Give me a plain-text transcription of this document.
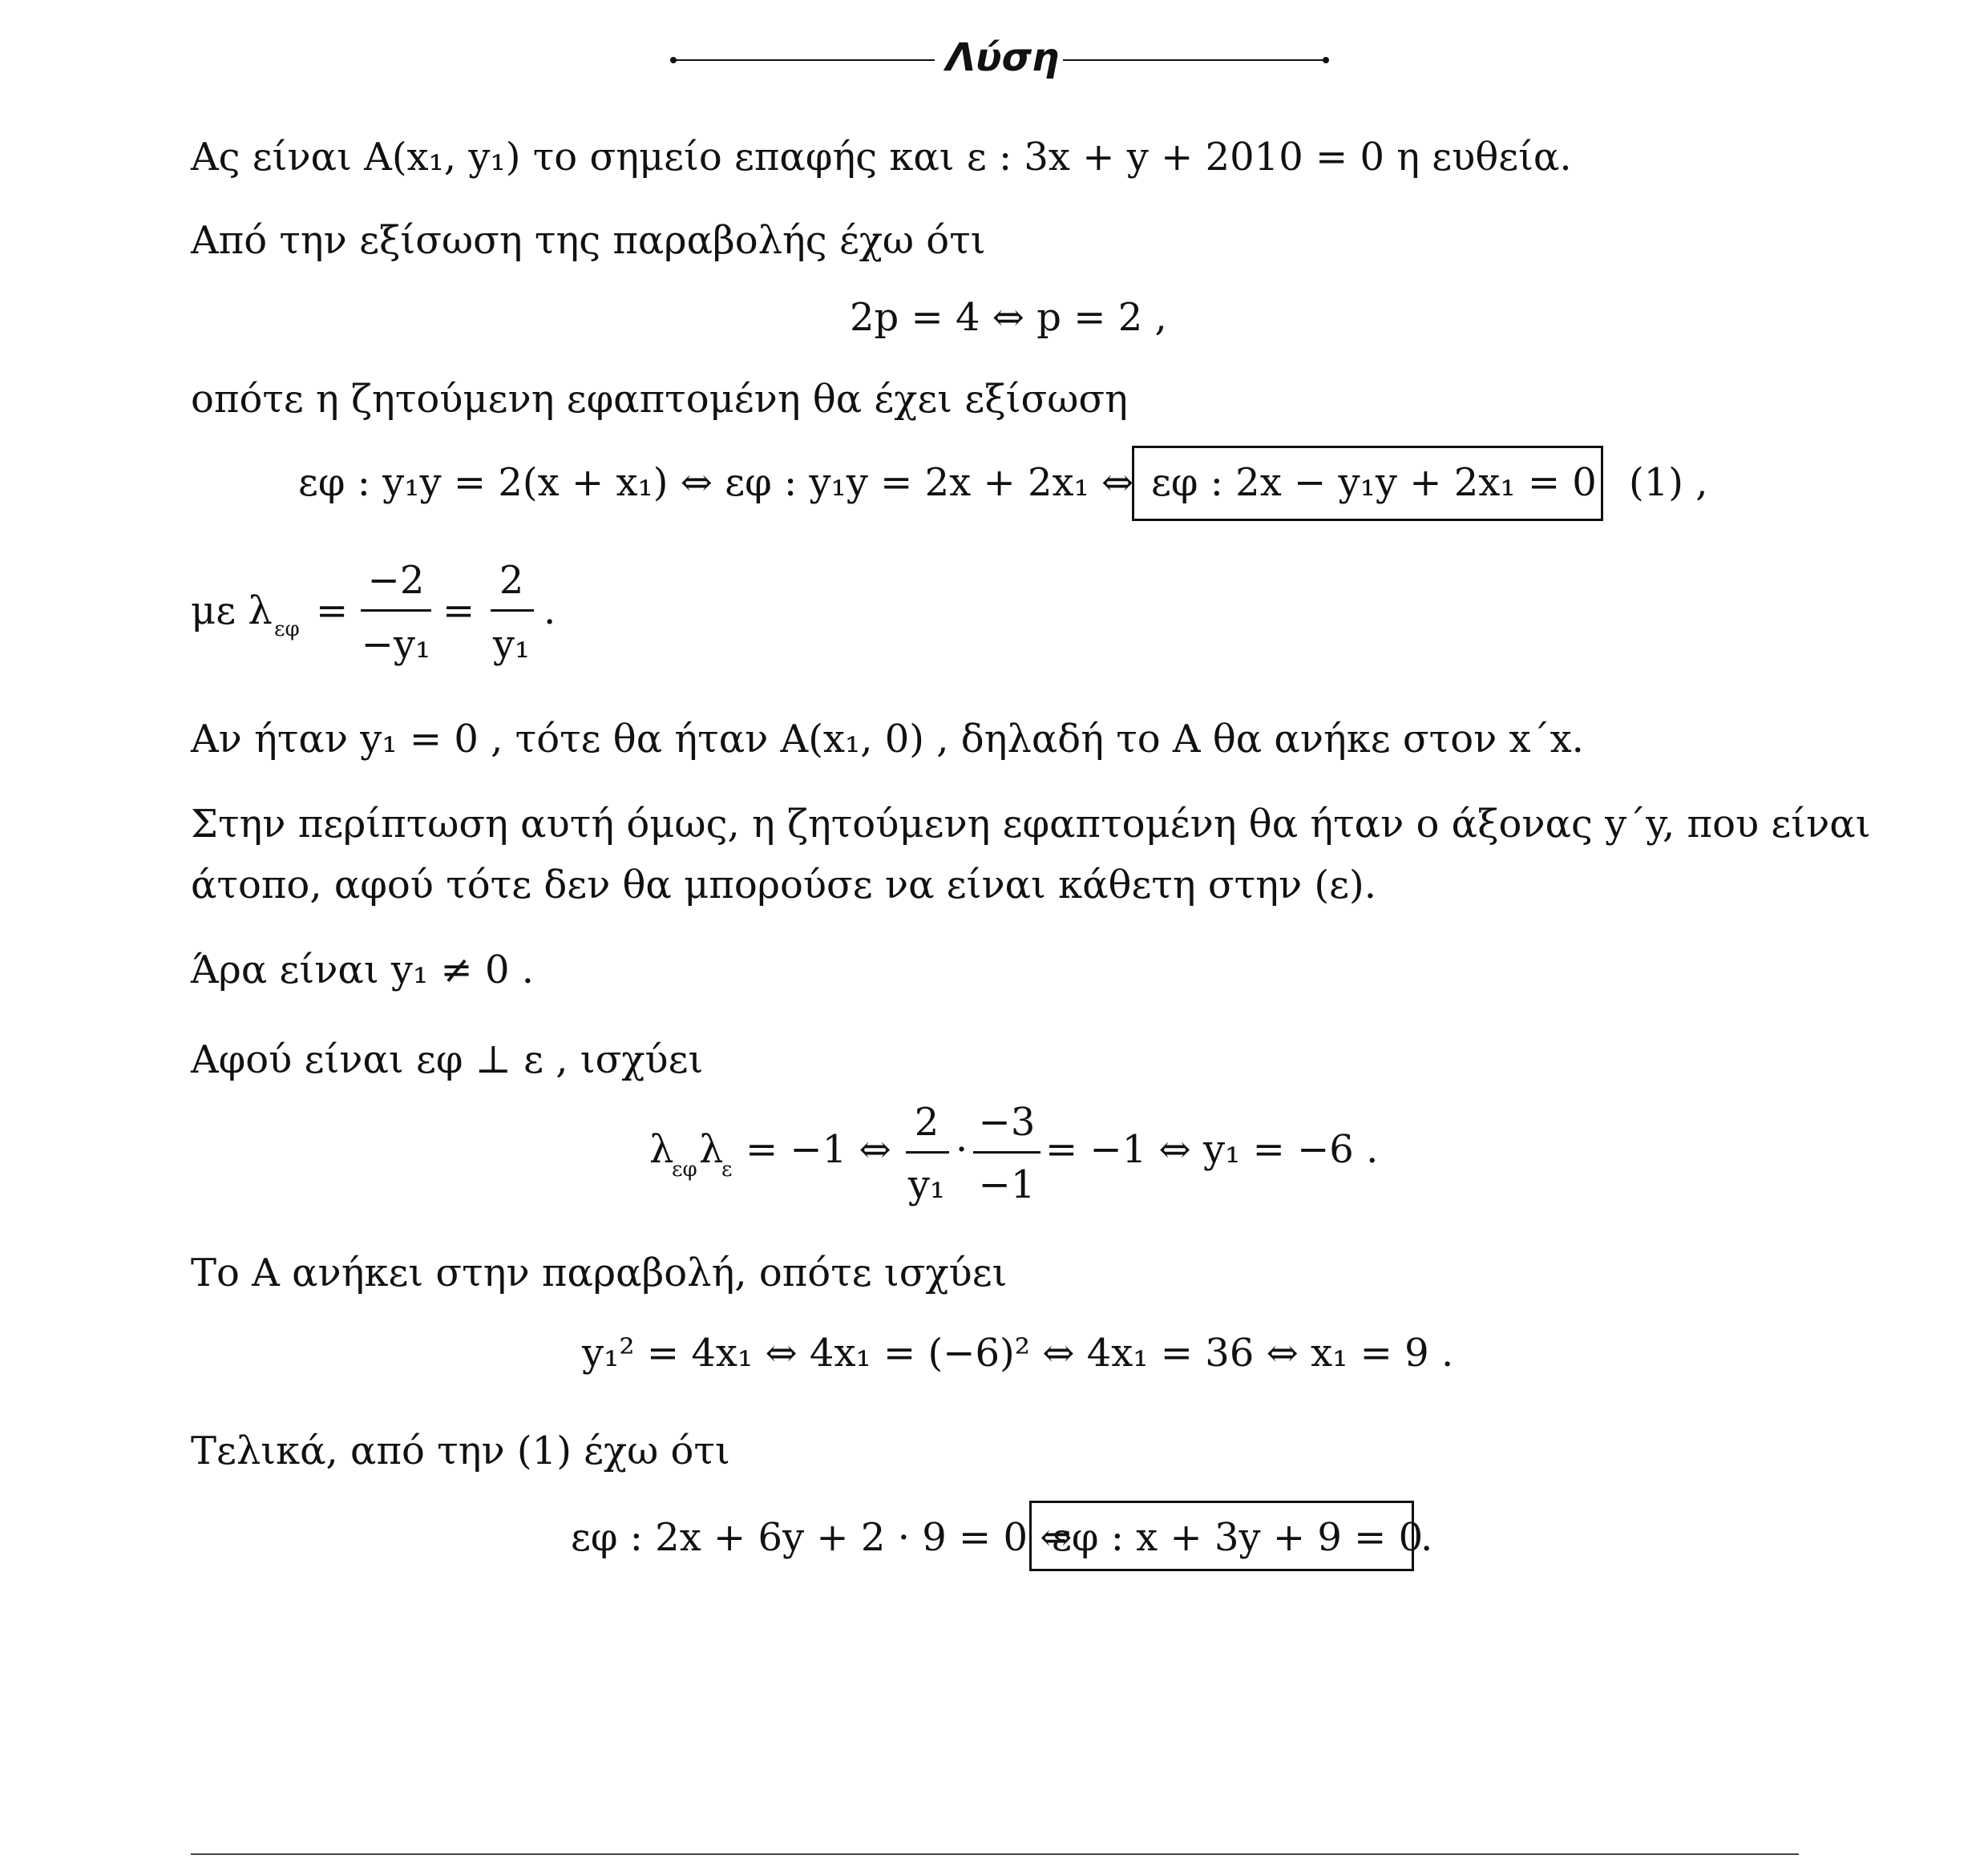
Λύση
Ας είναι A(x₁, y₁) το σημείο επαφής και ε : 3x + y + 2010 = 0 η ευθεία.
Από την εξίσωση της παραβολής έχω ότι
2p = 4 ⇔ p = 2 ,
οπότε η ζητούμενη εφαπτομένη θα έχει εξίσωση
εφ : y₁y = 2(x + x₁) ⇔ εφ : y₁y = 2x + 2x₁ ⇔ εφ : 2x − y₁y + 2x₁ = 0 (1) ,
με λ εφ =
−2
−y₁
=
2
y₁
.
Αν ήταν y₁ = 0 , τότε θα ήταν A(x₁, 0) , δηλαδή το A θα ανήκε στον x΄x.
Στην περίπτωση αυτή όμως, η ζητούμενη εφαπτομένη θα ήταν ο άξονας y΄y, που είναι
άτοπο, αφού τότε δεν θα μπορούσε να είναι κάθετη στην (ε).
Άρα είναι y₁ ≠ 0 .
Αφού είναι εφ ⊥ ε , ισχύει
λ
εφ λ
ε = −1 ⇔
2
y₁
·
−3
−1
= −1 ⇔ y₁ = −6 .
Το A ανήκει στην παραβολή, οπότε ισχύει
y₁² = 4x₁ ⇔ 4x₁ = (−6)² ⇔ 4x₁ = 36 ⇔ x₁ = 9 .
Τελικά, από την (1) έχω ότι
εφ : 2x + 6y + 2 · 9 = 0 ⇔
εφ : x + 3y + 9 = 0
.
